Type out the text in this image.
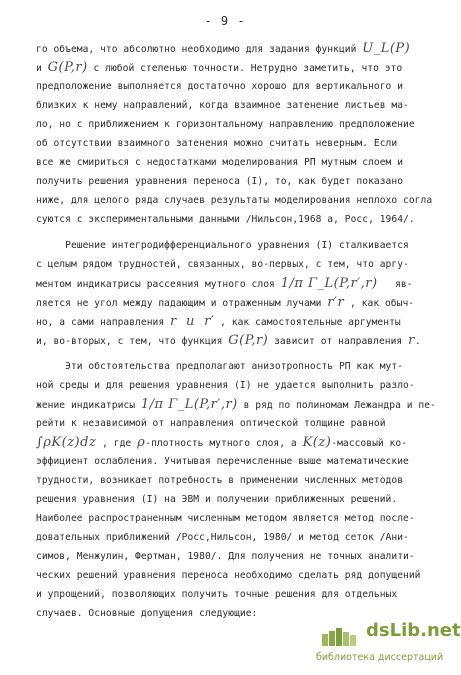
- 9 -
го объема, что абсолютно необходимо для задания функций U_L(P)
и G(P,r) с любой степенью точности. Нетрудно заметить, что это
предположение выполняется достаточно хорошо для вертикального и
близких к нему направлений, когда взаимное затенение листьев ма-
ло, но с приближением к горизонтальному направлению предположение
об отсутствии взаимного затенения можно считать неверным. Если
все же смириться с недостатками моделирования РП мутным слоем и
получить решения уравнения переноса (I), то, как будет показано
ниже, для целого ряда случаев результаты моделирования неплохо согла
суются с экспериментальными данными /Нильсон,1968 а, Росс, 1964/.
Решение интегродифференциального уравнения (I) сталкивается
с целым рядом трудностей, связанных, во-первых, с тем, что аргу-
ментом индикатрисы рассеяния мутного слоя 1/π Γ_L(P,r′,r)   яв-
ляется не угол между падающим и отраженным лучами r′r , как обыч-
но, а сами направления r  и  r′ , как самостоятельные аргументы
и, во-вторых, с тем, что функция G(P,r) зависит от направления r.
Эти обстоятельства предполагают анизотропность РП как мут-
ной среды и для решения уравнения (I) не удается выполнить разло-
жение индикатрисы 1/π Γ_L(P,r′,r) в ряд по полиномам Лежандра и пе-
рейти к независимой от направления оптической толщине равной
∫ρK(z)dz , где ρ-плотность мутного слоя, а K(z)-массовый ко-
эффициент ослабления. Учитывая перечисленные выше математические
трудности, возникает потребность в применении численных методов
решения уравнения (I) на ЭВМ и получении приближенных решений.
Наиболее распространенным численным методом является метод после-
довательных приближений /Росс,Нильсон, 1980/ и метод сеток /Ани-
симов, Менжулин, Фертман, 1980/. Для получения не точных аналити-
ческих решений уравнения переноса необходимо сделать ряд допущений
и упрощений, позволяющих получить точные решения для отдельных
случаев. Основные допущения следующие:
dsLib.net
библиотека диссертаций
